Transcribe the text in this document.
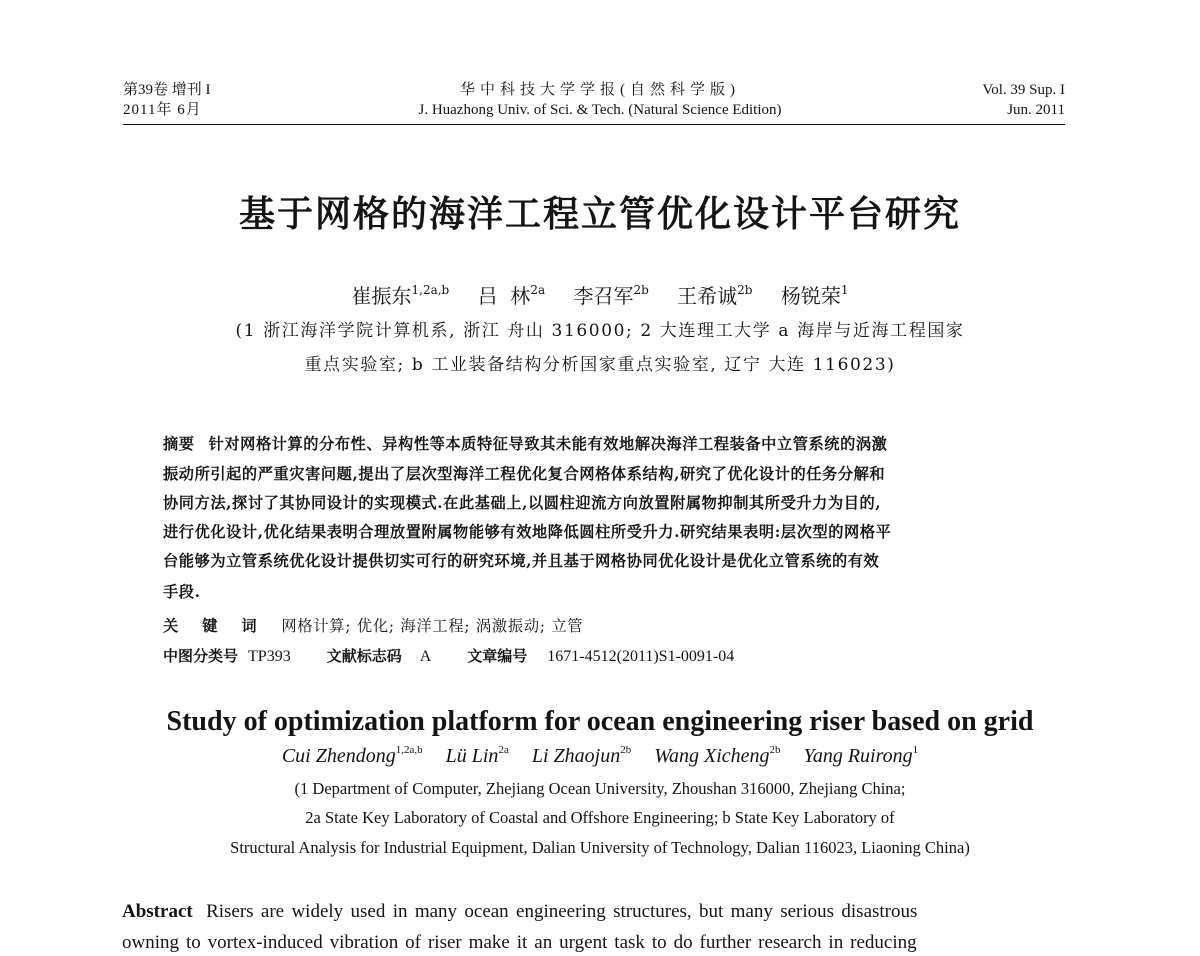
第39卷 增刊 I
2011年 6月
华中科技大学学报(自然科学版)
J. Huazhong Univ. of Sci. & Tech. (Natural Science Edition)
Vol. 39 Sup. I
Jun. 2011
基于网格的海洋工程立管优化设计平台研究
崔振东$^{1,2a,b}$ 吕  林$^{2a}$ 李召军$^{2b}$ 王希诚$^{2b}$ 杨锐荣$^1$
(1 浙江海洋学院计算机系, 浙江 舟山 316000; 2 大连理工大学 a 海岸与近海工程国家
重点实验室; b 工业装备结构分析国家重点实验室, 辽宁 大连 116023)
摘要 针对网格计算的分布性、异构性等本质特征导致其未能有效地解决海洋工程装备中立管系统的涡激
振动所引起的严重灾害问题,提出了层次型海洋工程优化复合网格体系结构,研究了优化设计的任务分解和
协同方法,探讨了其协同设计的实现模式.在此基础上,以圆柱迎流方向放置附属物抑制其所受升力为目的,
进行优化设计,优化结果表明合理放置附属物能够有效地降低圆柱所受升力.研究结果表明:层次型的网格平
台能够为立管系统优化设计提供切实可行的研究环境,并且基于网格协同优化设计是优化立管系统的有效
手段.
关键词 网格计算; 优化; 海洋工程; 涡激振动; 立管
中图分类号 TP393 文献标志码 A 文章编号 1671-4512(2011)S1-0091-04
Study of optimization platform for ocean engineering riser based on grid
Cui Zhendong$^{1,2a,b}$ Lü Lin$^{2a}$ Li Zhaojun$^{2b}$ Wang Xicheng$^{2b}$ Yang Ruirong$^1$
(1 Department of Computer, Zhejiang Ocean University, Zhoushan 316000, Zhejiang China;
2a State Key Laboratory of Coastal and Offshore Engineering; b State Key Laboratory of
Structural Analysis for Industrial Equipment, Dalian University of Technology, Dalian 116023, Liaoning China)
Abstract Risers are widely used in many ocean engineering structures, but many serious disastrous
owning to vortex-induced vibration of riser make it an urgent task to do further research in reducing
